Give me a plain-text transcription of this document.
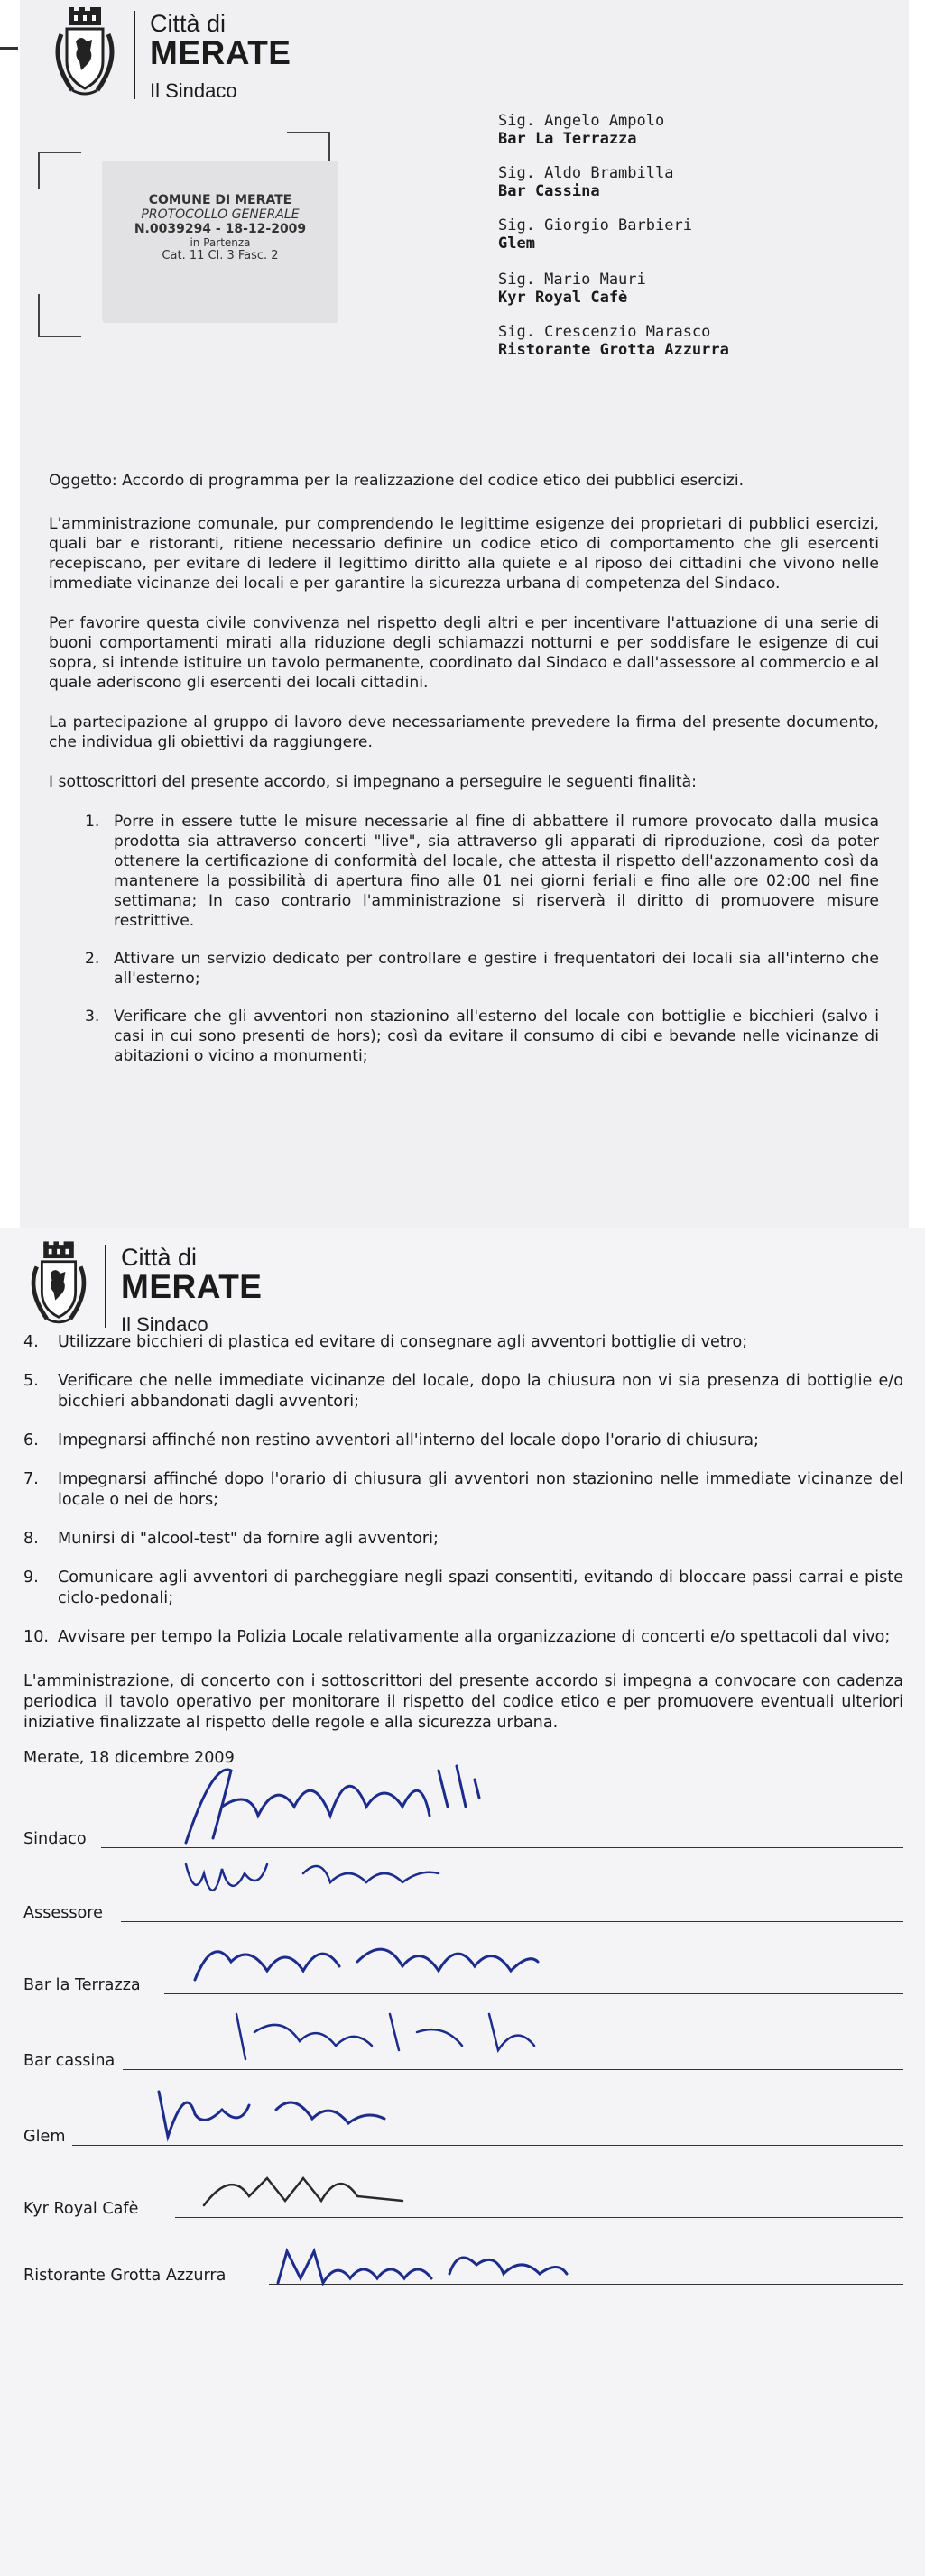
Città di
MERATE
Il Sindaco
COMUNE DI MERATE
PROTOCOLLO GENERALE
N.0039294 - 18-12-2009
in Partenza
Cat. 11 Cl. 3 Fasc. 2
Sig. Angelo Ampolo
Bar La Terrazza
Sig. Aldo Brambilla
Bar Cassina
Sig. Giorgio Barbieri
Glem
Sig. Mario Mauri
Kyr Royal Cafè
Sig. Crescenzio Marasco
Ristorante Grotta Azzurra

Oggetto: Accordo di programma per la realizzazione del codice etico dei pubblici esercizi.

L'amministrazione comunale, pur comprendendo le legittime esigenze dei proprietari di pubblici esercizi, quali bar e ristoranti, ritiene necessario definire un codice etico di comportamento che gli esercenti recepiscano, per evitare di ledere il legittimo diritto alla quiete e al riposo dei cittadini che vivono nelle immediate vicinanze dei locali e per garantire la sicurezza urbana di competenza del Sindaco.

Per favorire questa civile convivenza nel rispetto degli altri e per incentivare l'attuazione di una serie di buoni comportamenti mirati alla riduzione degli schiamazzi notturni e per soddisfare le esigenze di cui sopra, si intende istituire un tavolo permanente, coordinato dal Sindaco e dall'assessore al commercio e al quale aderiscono gli esercenti dei locali cittadini.

La partecipazione al gruppo di lavoro deve necessariamente prevedere la firma del presente documento, che individua gli obiettivi da raggiungere.

I sottoscrittori del presente accordo, si impegnano a perseguire le seguenti finalità:

1. Porre in essere tutte le misure necessarie al fine di abbattere il rumore provocato dalla musica prodotta sia attraverso concerti "live", sia attraverso gli apparati di riproduzione, così da poter ottenere la certificazione di conformità del locale, che attesta il rispetto dell'azzonamento così da mantenere la possibilità di apertura fino alle 01 nei giorni feriali e fino alle ore 02:00 nel fine settimana; In caso contrario l'amministrazione si riserverà il diritto di promuovere misure restrittive.
2. Attivare un servizio dedicato per controllare e gestire i frequentatori dei locali sia all'interno che all'esterno;
3. Verificare che gli avventori non stazionino all'esterno del locale con bottiglie e bicchieri (salvo i casi in cui sono presenti de hors); così da evitare il consumo di cibi e bevande nelle vicinanze di abitazioni o vicino a monumenti;
Città di
MERATE
Il Sindaco
4.	Utilizzare bicchieri di plastica ed evitare di consegnare agli avventori bottiglie di vetro;
5.	Verificare che nelle immediate vicinanze del locale, dopo la chiusura non vi sia presenza di bottiglie e/o bicchieri abbandonati dagli avventori;
6.	Impegnarsi affinché non restino avventori all'interno del locale dopo l'orario di chiusura;
7.	Impegnarsi affinché dopo l'orario di chiusura gli avventori non stazionino nelle immediate vicinanze del locale o nei de hors;
8.	Munirsi di "alcool-test" da fornire agli avventori;
9.	Comunicare agli avventori di parcheggiare negli spazi consentiti, evitando di bloccare passi carrai e piste ciclo-pedonali;
10. Avvisare per tempo la Polizia Locale relativamente alla organizzazione di concerti e/o spettacoli dal vivo;

L'amministrazione, di concerto con i sottoscrittori del presente accordo si impegna a convocare con cadenza periodica il tavolo operativo per monitorare il rispetto del codice etico e per promuovere eventuali ulteriori iniziative finalizzate al rispetto delle regole e alla sicurezza urbana.

Merate, 18 dicembre 2009
Sindaco
Assessore
Bar la Terrazza
Bar cassina
Glem
Kyr Royal Cafè
Ristorante Grotta Azzurra
